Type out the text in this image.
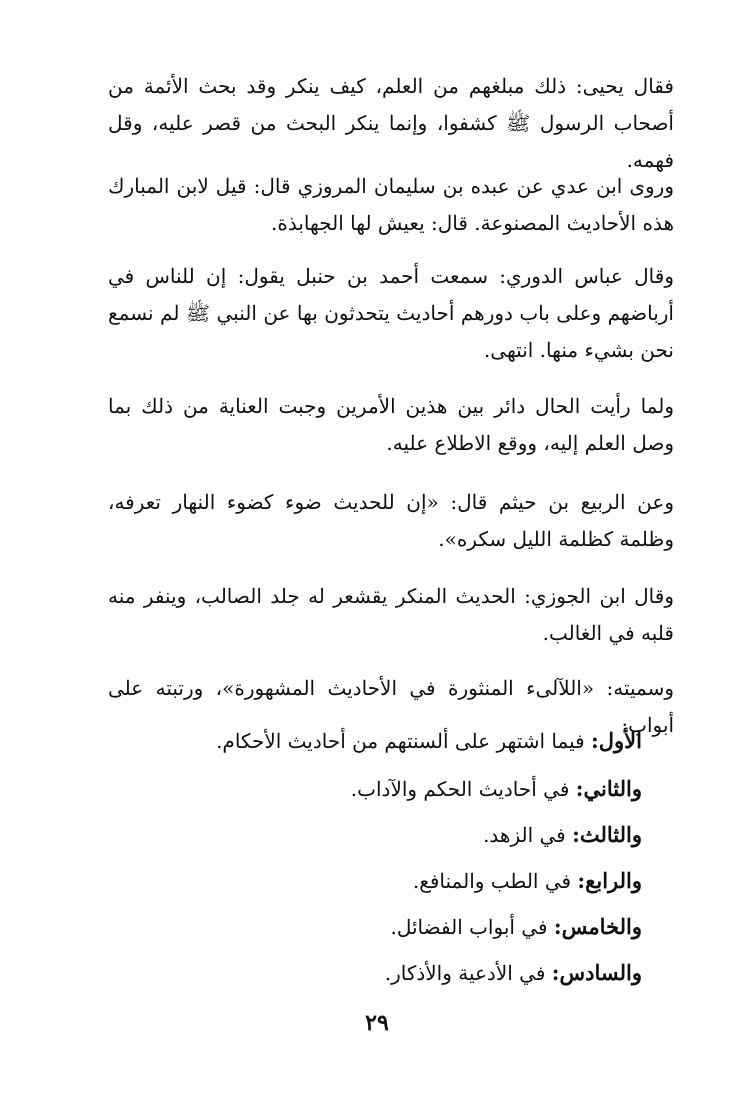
فقال يحيى: ذلك مبلغهم من العلم، كيف ينكر وقد بحث الأئمة من أصحاب الرسول ﷺ كشفوا، وإنما ينكر البحث من قصر عليه، وقل فهمه.

وروى ابن عدي عن عبده بن سليمان المروزي قال: قيل لابن المبارك هذه الأحاديث المصنوعة. قال: يعيش لها الجهابذة.

وقال عباس الدوري: سمعت أحمد بن حنبل يقول: إن للناس في أرباضهم وعلى باب دورهم أحاديث يتحدثون بها عن النبي ﷺ لم نسمع نحن بشيء منها. انتهى.

ولما رأيت الحال دائر بين هذين الأمرين وجبت العناية من ذلك بما وصل العلم إليه، ووقع الاطلاع عليه.

وعن الربيع بن حيثم قال: «إن للحديث ضوء كضوء النهار تعرفه، وظلمة كظلمة الليل سكره».

وقال ابن الجوزي: الحديث المنكر يقشعر له جلد الصالب، وينفر منه قلبه في الغالب.

وسميته: «اللآلىء المنثورة في الأحاديث المشهورة»، ورتبته على أبواب:

الأول: فيما اشتهر على ألسنتهم من أحاديث الأحكام.
والثاني: في أحاديث الحكم والآداب.
والثالث: في الزهد.
والرابع: في الطب والمنافع.
والخامس: في أبواب الفضائل.
والسادس: في الأدعية والأذكار.
٢٩
